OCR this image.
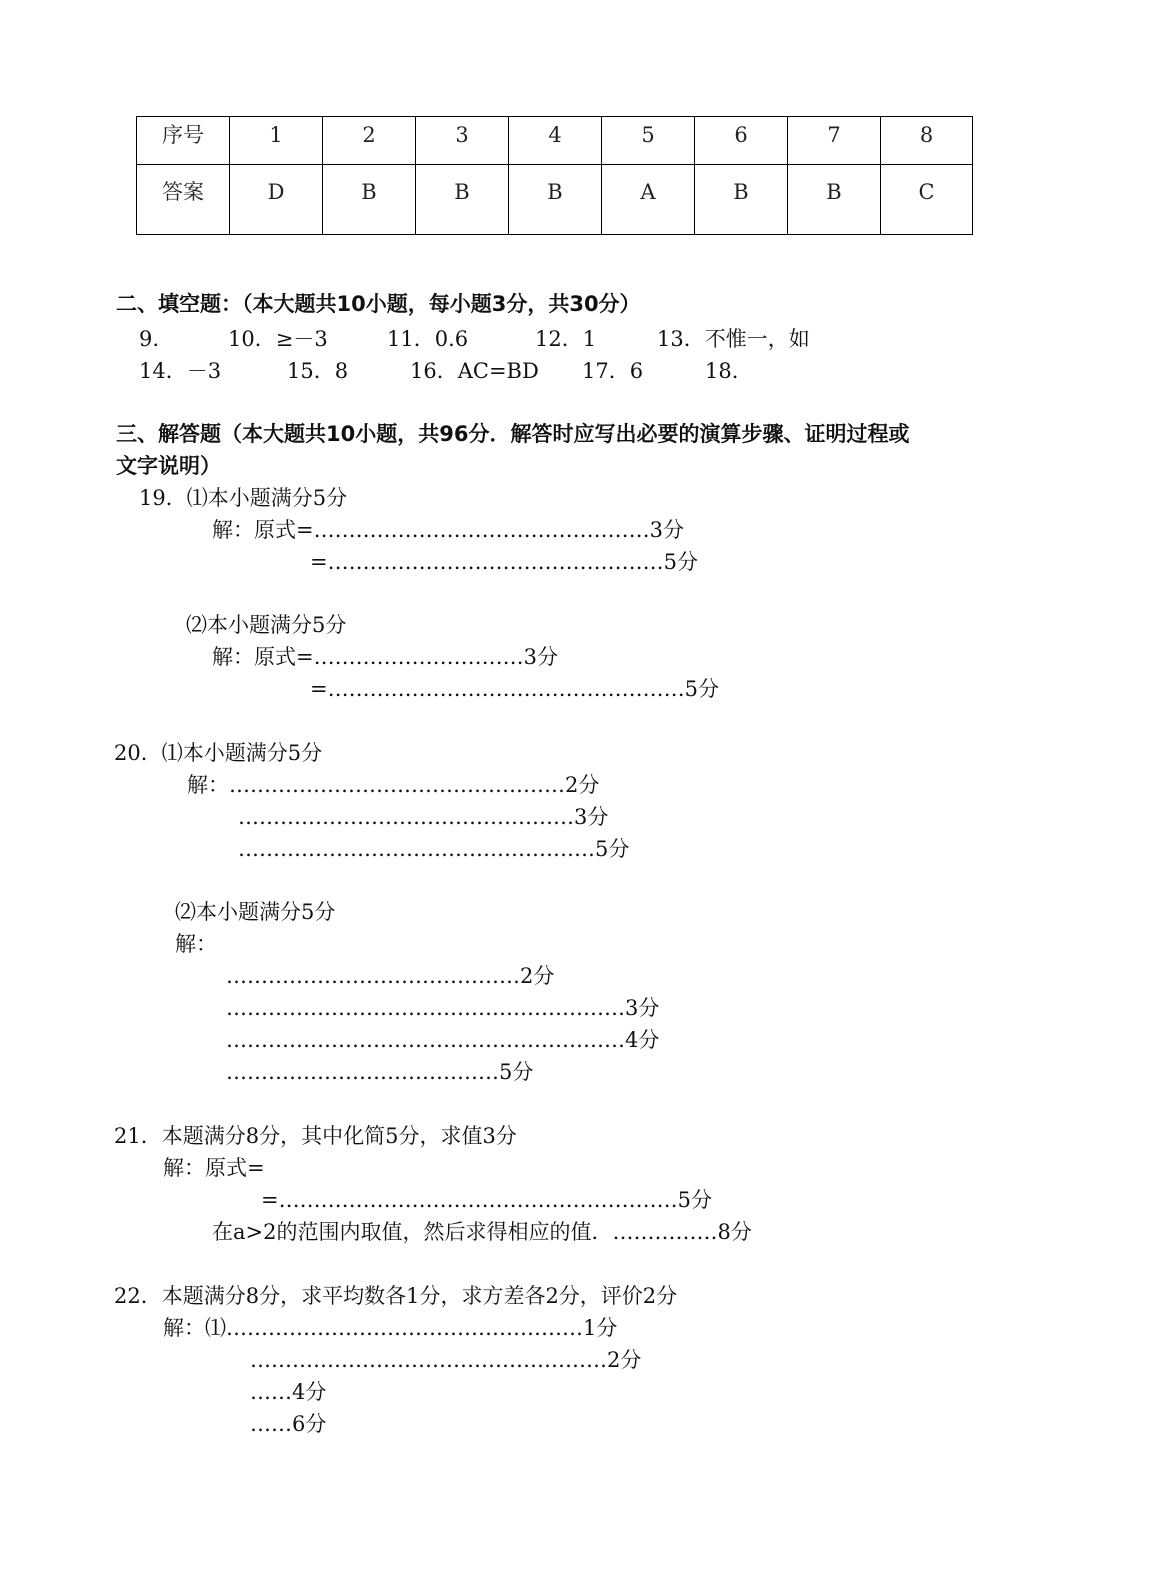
序号	1	2	3	4	5	6	7	8
答案	D	B	B	B	A	B	B	C
二、填空题：（本大题共10小题，每小题3分，共30分）
9.	10．≥－3	11．0.6	12．1	13．不惟一，如
14．－3	15．8	16．AC=BD 17．6	18.
三、解答题（本大题共10小题，共96分．解答时应写出必要的演算步骤、证明过程或
文字说明）
19．⑴本小题满分5分
解：原式=…………………………………………3分
=…………………………………………5分
⑵本小题满分5分
解：原式=…………………………3分
=……………………………………………5分
20．⑴本小题满分5分
解：…………………………………………2分
…………………………………………3分
……………………………………………5分
⑵本小题满分5分
解：
……………………………………2分
…………………………………………………3分
…………………………………………………4分
…………………………………5分
21．本题满分8分，其中化简5分，求值3分
解：原式=
=…………………………………………………5分
在a>2的范围内取值，然后求得相应的值．……………8分
22．本题满分8分，求平均数各1分，求方差各2分，评价2分
解：⑴……………………………………………1分
……………………………………………2分
……4分
……6分
